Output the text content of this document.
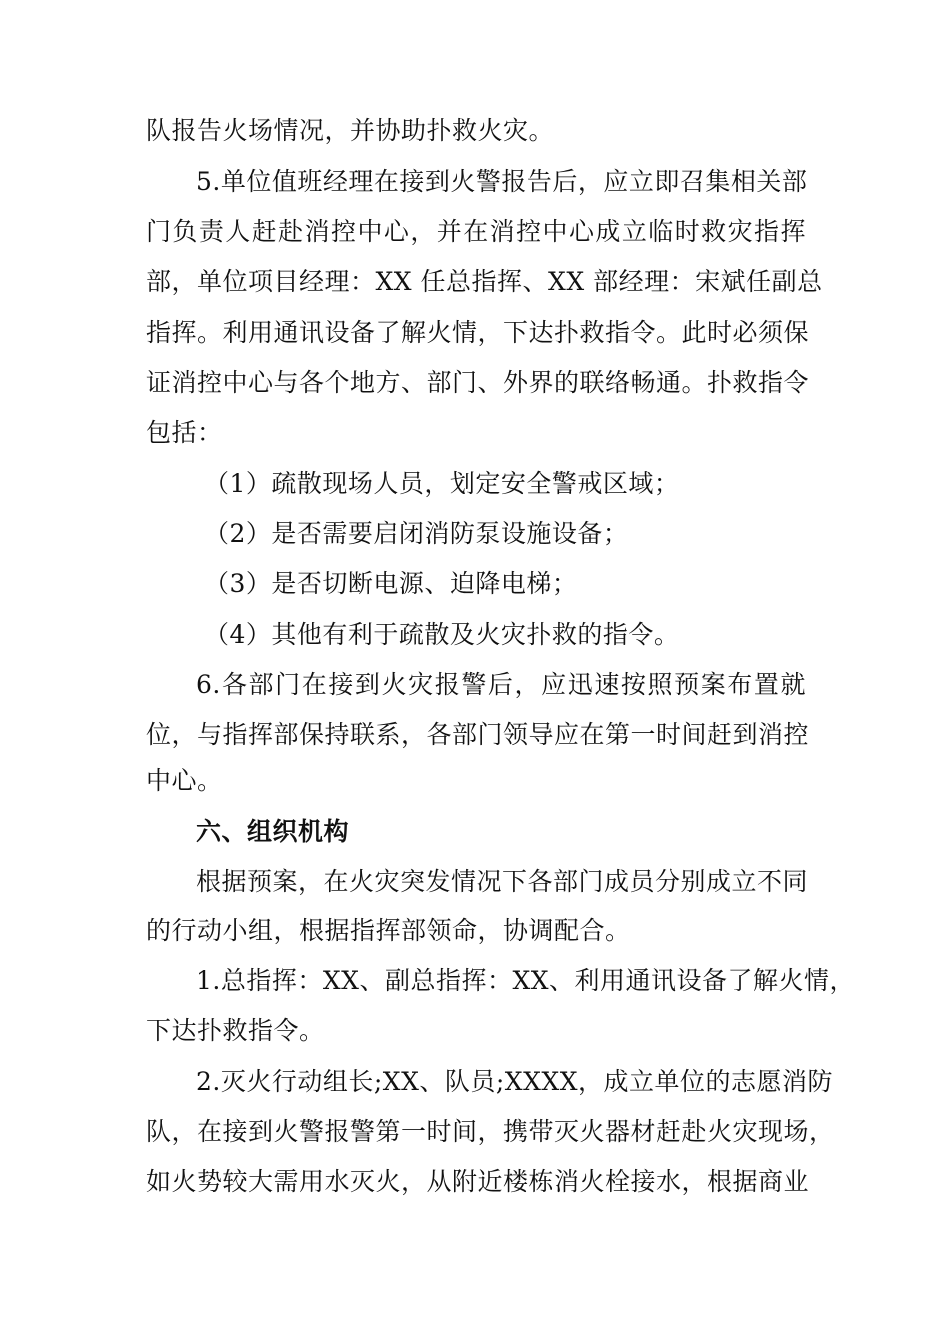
队报告火场情况，并协助扑救火灾。
5.单位值班经理在接到火警报告后，应立即召集相关部
门负责人赶赴消控中心，并在消控中心成立临时救灾指挥
部，单位项目经理：XX 任总指挥、XX 部经理：宋斌任副总
指挥。利用通讯设备了解火情，下达扑救指令。此时必须保
证消控中心与各个地方、部门、外界的联络畅通。扑救指令
包括：
（1）疏散现场人员，划定安全警戒区域；
（2）是否需要启闭消防泵设施设备；
（3）是否切断电源、迫降电梯；
（4）其他有利于疏散及火灾扑救的指令。
6.各部门在接到火灾报警后，应迅速按照预案布置就
位，与指挥部保持联系，各部门领导应在第一时间赶到消控
中心。
六、组织机构
根据预案，在火灾突发情况下各部门成员分别成立不同
的行动小组，根据指挥部领命，协调配合。
1.总指挥：XX、副总指挥：XX、利用通讯设备了解火情，
下达扑救指令。
2.灭火行动组长;XX、队员;XXXX，成立单位的志愿消防
队，在接到火警报警第一时间，携带灭火器材赶赴火灾现场，
如火势较大需用水灭火，从附近楼栋消火栓接水，根据商业
